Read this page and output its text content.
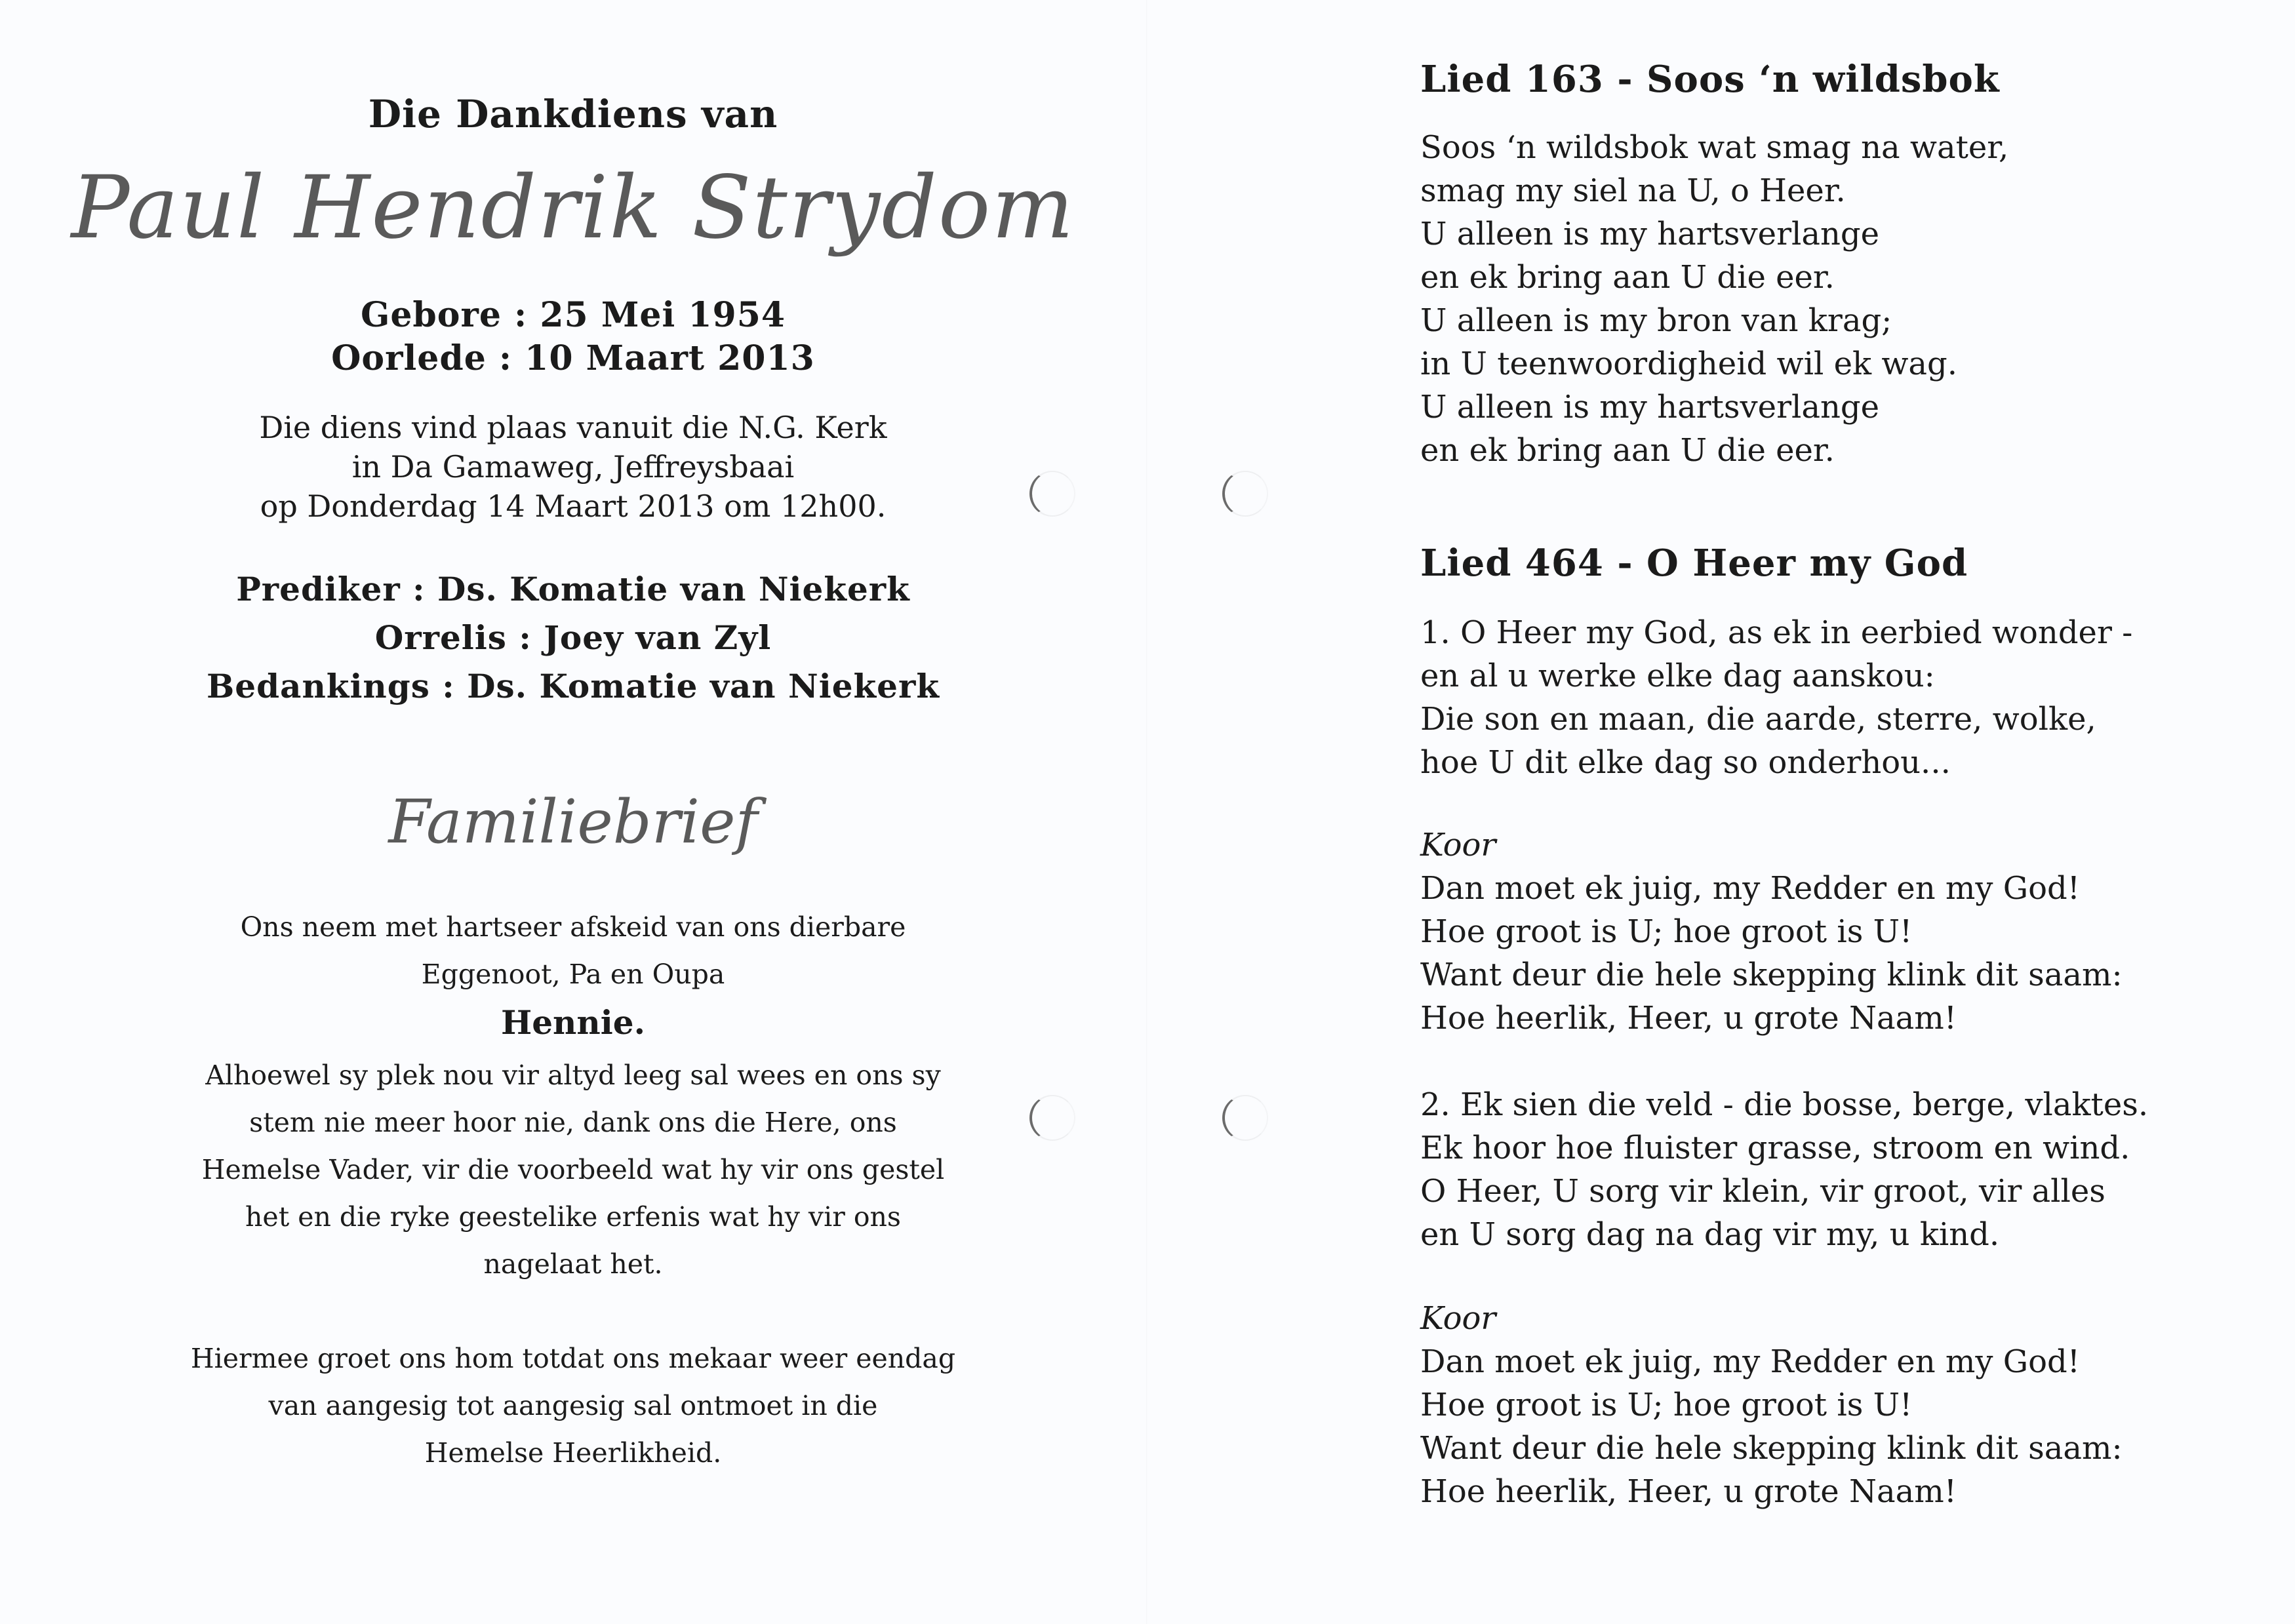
Die Dankdiens van
Paul Hendrik Strydom
Gebore : 25 Mei 1954
Oorlede : 10 Maart 2013
Die diens vind plaas vanuit die N.G. Kerk
in Da Gamaweg, Jeffreysbaai
op Donderdag 14 Maart 2013 om 12h00.
Prediker : Ds. Komatie van Niekerk
Orrelis : Joey van Zyl
Bedankings : Ds. Komatie van Niekerk
Familiebrief
Ons neem met hartseer afskeid van ons dierbare
Eggenoot, Pa en Oupa
Hennie.
Alhoewel sy plek nou vir altyd leeg sal wees en ons sy
stem nie meer hoor nie, dank ons die Here, ons
Hemelse Vader, vir die voorbeeld wat hy vir ons gestel
het en die ryke geestelike erfenis wat hy vir ons
nagelaat het.
Hiermee groet ons hom totdat ons mekaar weer eendag
van aangesig tot aangesig sal ontmoet in die
Hemelse Heerlikheid.
Lied 163 - Soos ‘n wildsbok
Soos ‘n wildsbok wat smag na water,
smag my siel na U, o Heer.
U alleen is my hartsverlange
en ek bring aan U die eer.
U alleen is my bron van krag;
in U teenwoordigheid wil ek wag.
U alleen is my hartsverlange
en ek bring aan U die eer.
Lied 464 - O Heer my God
1. O Heer my God, as ek in eerbied wonder -
en al u werke elke dag aanskou:
Die son en maan, die aarde, sterre, wolke,
hoe U dit elke dag so onderhou...
Koor
Dan moet ek juig, my Redder en my God!
Hoe groot is U; hoe groot is U!
Want deur die hele skepping klink dit saam:
Hoe heerlik, Heer, u grote Naam!
2. Ek sien die veld - die bosse, berge, vlaktes.
Ek hoor hoe fluister grasse, stroom en wind.
O Heer, U sorg vir klein, vir groot, vir alles
en U sorg dag na dag vir my, u kind.
Koor
Dan moet ek juig, my Redder en my God!
Hoe groot is U; hoe groot is U!
Want deur die hele skepping klink dit saam:
Hoe heerlik, Heer, u grote Naam!
